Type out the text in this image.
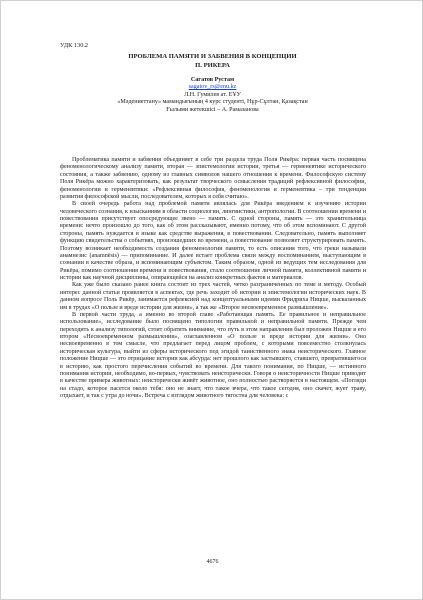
УДК 130.2
ПРОБЛЕМА ПАМЯТИ И ЗАБВЕНИЯ В КОНЦЕПЦИИ
П. РИКЕРА
Сагатов Рустам
sagatov_rs@enu.kz
Л.Н. Гумилев ат. ЕҰУ
«Мәдениеттану» мамандығының 4 курс студенті, Нұр-Сұлтан, Қазақстан
Ғылыми жетекшісі – А. Рамазанова

Проблематика памяти и забвения объединяет в себе три раздела труда Поля Рикёра: первая часть посвящена феноменологическому анализу памяти, вторая — эпистемологии истории, третья — герменевтике исторического состояния, а также забвению, одному из главных символов нашего отношения к времени. Философскую систему Поля Рикёра можно характеризовать, как результат творческого осмысления традиций рефлексивной философии, феноменологии и герменевтики: «Рефлексивная философия, феноменология и герменевтика – три тенденции развития философской мысли, последователем, которых я себя считаю».

В своей очередь работа над проблемой памяти являлась для Рикёра введением к изучению истории человеческого сознания, к изысканиям в области социологии, лингвистики, антропологии. В соотношении времени и повествования присутствует опосредующее звено — память. С одной стороны, память — это хранительница времени: нечто произошло до того, как об этом рассказывают, именно потому, что об этом вспоминают. С другой стороны, память нуждается в языке как средстве выражения, в повествовании. Следовательно, память выполняет функцию свидетельства о событиях, произошедших во времени, а повествование позволяет структурировать память. Поэтому возникает необходимость создания феноменологии памяти, то есть описания того, что греки называли анамнезис (anamnēsis) — припоминание. И далее встает проблема связи между воспоминанием, выступающим в сознании в качестве образа, и вспоминающим субъектом. Таким образом, одной из ведущих тем исследования для Рикёра, помимо соотношения времени и повествования, стало соотношение личной памяти, коллективной памяти и истории как научной дисциплины, опирающейся на анализ конкретных фактов и материалов.

Как уже было сказано ранее книга состоит из трех частей, четко разграниченных по теме и методу. Особый интерес данной статьи проявляется в аспектах, где речь заходит об истории и эпистемологии исторических наук. В данном вопросе Поль Рикёр, занимается рефлексией над концептуальными идеями Фридриха Ницше, высказанных им в трудах «О пользе и вреде истории для жизни», а так же «Второе несвоевременное размышление».

В первой части труда, а именно во второй главе «Работающая память. Ее правильное и неправильное использование», исследование было посвящено типологии правильной и неправильной памяти. Прежде чем переходить к анализу типологий, стоит обратить внимание, что путь в этом направлении был проложен Ницше в его втором «Несвоевременном размышлении», озаглавленном «О пользе и вреде истории для жизни». Оно несвоевременно в том смысле, что предлагает перед лицом проблем, с которыми повсеместно столкнулась историческая культура, выйти из сферы исторического под эгидой таинственного знака неисторического. Главное положение Ницше — это отрицание истории как абсурда: нет прошлого как застывшего, ставшего, превратившегося в историю, как простого перечисления событий во времени. Для такого понимания, по Ницше, — истинного понимания истории, необходимо, во-первых, чувствовать неисторически. Говоря о неисторичности Ницше приводит в качестве примера животных: неисторически живёт животное, оно полностью растворяется в настоящем. «Погляди на стадо, которое пасется около тебя: оно не знает, что такое вчера, что такое сегодня, оно скачет, жует траву, отдыхает, и так с утра до ночи». Встреча с взглядом животного тягостна для человека: с

4676
